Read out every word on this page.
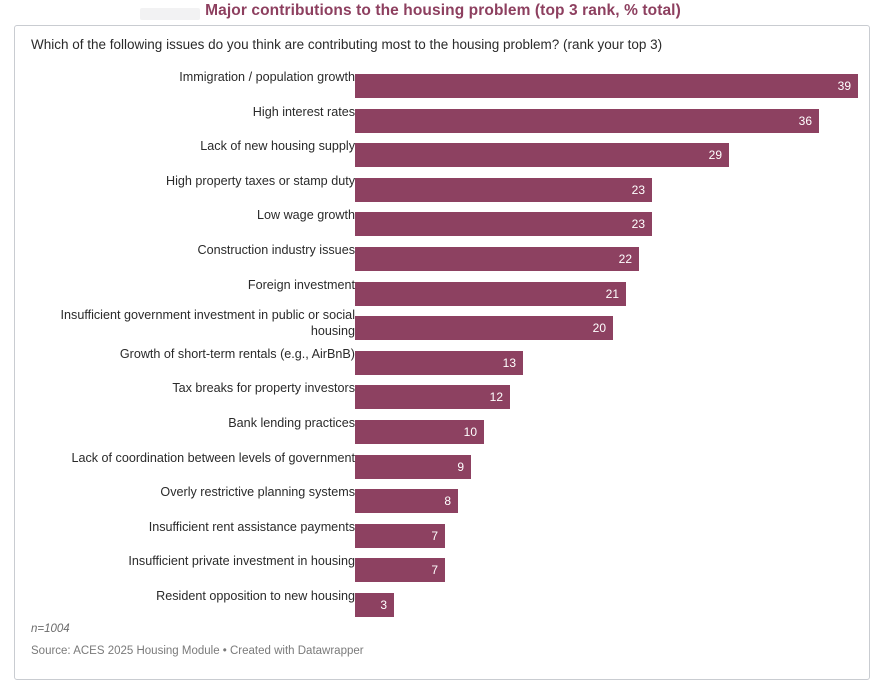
Major contributions to the housing problem (top 3 rank, % total)
Which of the following issues do you think are contributing most to the housing problem? (rank your top 3)
Immigration / population growth
39
High interest rates
36
Lack of new housing supply
29
High property taxes or stamp duty
23
Low wage growth
23
Construction industry issues
22
Foreign investment
21
Insufficient government investment in public or social housing	20
Growth of short-term rentals (e.g., AirBnB)
13
Tax breaks for property investors
12
Bank lending practices
10
Lack of coordination between levels of government
9
Overly restrictive planning systems
8
Insufficient rent assistance payments
7
Insufficient private investment in housing
7
Resident opposition to new housing
3
n=1004
Source: ACES 2025 Housing Module • Created with Datawrapper
